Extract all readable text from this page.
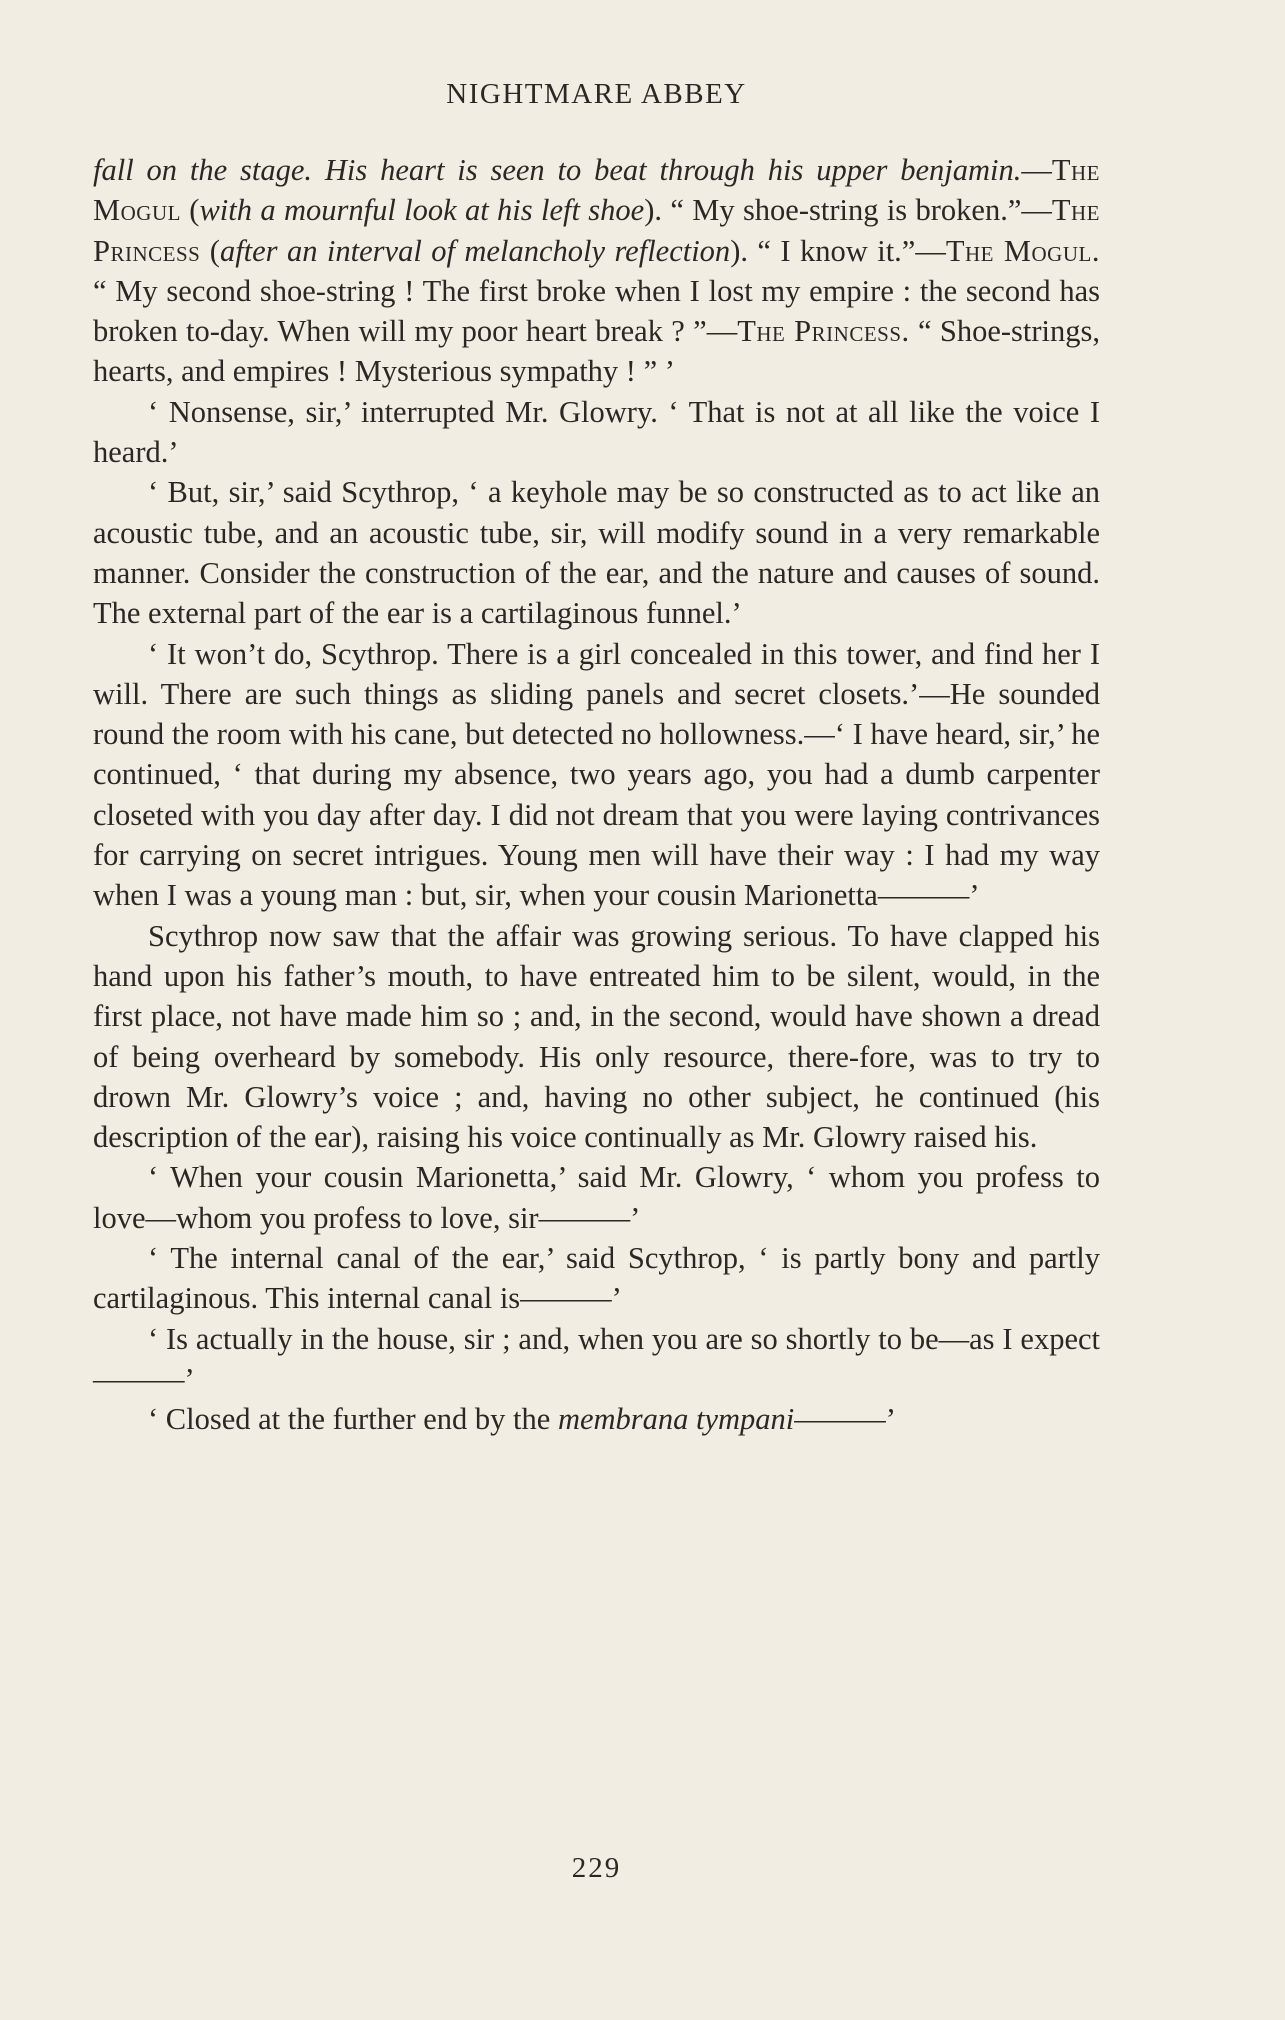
NIGHTMARE ABBEY

fall on the stage. His heart is seen to beat through his upper benjamin.—The Mogul (with a mournful look at his left shoe). “ My shoe-string is broken.”—The Princess (after an interval of melancholy reflection). “ I know it.”—The Mogul. “ My second shoe-string ! The first broke when I lost my empire : the second has broken to-day. When will my poor heart break ? ”—The Princess. “ Shoe-strings, hearts, and empires ! Mysterious sympathy ! ” ’

‘ Nonsense, sir,’ interrupted Mr. Glowry. ‘ That is not at all like the voice I heard.’

‘ But, sir,’ said Scythrop, ‘ a keyhole may be so constructed as to act like an acoustic tube, and an acoustic tube, sir, will modify sound in a very remarkable manner. Consider the construction of the ear, and the nature and causes of sound. The external part of the ear is a cartilaginous funnel.’

‘ It won’t do, Scythrop. There is a girl concealed in this tower, and find her I will. There are such things as sliding panels and secret closets.’—He sounded round the room with his cane, but detected no hollowness.—‘ I have heard, sir,’ he continued, ‘ that during my absence, two years ago, you had a dumb carpenter closeted with you day after day. I did not dream that you were laying contrivances for carrying on secret intrigues. Young men will have their way : I had my way when I was a young man : but, sir, when your cousin Marionetta———’

Scythrop now saw that the affair was growing serious. To have clapped his hand upon his father’s mouth, to have entreated him to be silent, would, in the first place, not have made him so ; and, in the second, would have shown a dread of being overheard by somebody. His only resource, there-fore, was to try to drown Mr. Glowry’s voice ; and, having no other subject, he continued (his description of the ear), raising his voice continually as Mr. Glowry raised his.

‘ When your cousin Marionetta,’ said Mr. Glowry, ‘ whom you profess to love—whom you profess to love, sir———’

‘ The internal canal of the ear,’ said Scythrop, ‘ is partly bony and partly cartilaginous. This internal canal is———’

‘ Is actually in the house, sir ; and, when you are so shortly to be—as I expect———’

‘ Closed at the further end by the membrana tympani———’

229
